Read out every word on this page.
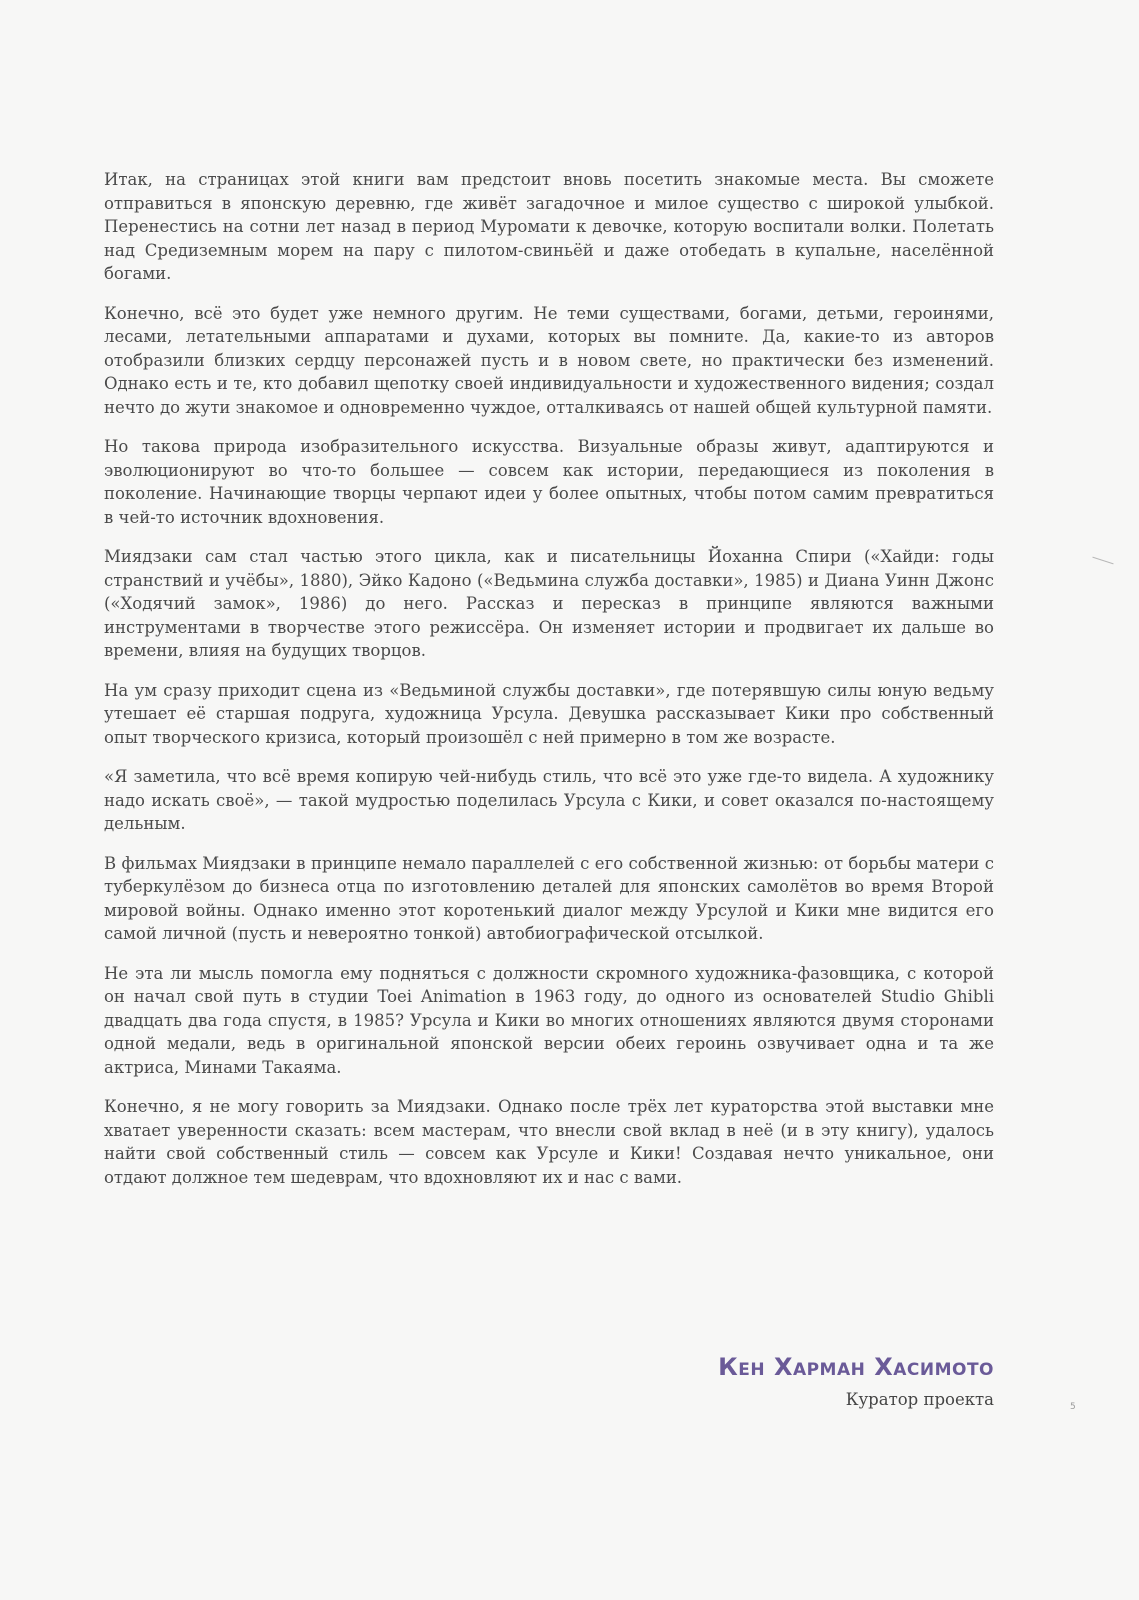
Итак, на страницах этой книги вам предстоит вновь посетить знакомые места. Вы сможете отправиться в японскую деревню, где живёт загадочное и милое существо с широкой улыбкой. Перенестись на сотни лет назад в период Муромати к девочке, которую воспитали волки. Полетать над Средиземным морем на пару с пилотом-свиньёй и даже отобедать в купальне, населённой богами.

Конечно, всё это будет уже немного другим. Не теми существами, богами, детьми, героинями, лесами, летательными аппаратами и духами, которых вы помните. Да, какие-то из авторов отобразили близких сердцу персонажей пусть и в новом свете, но практически без изменений. Однако есть и те, кто добавил щепотку своей индивидуальности и художественного видения; создал нечто до жути знакомое и одновременно чуждое, отталкиваясь от нашей общей культурной памяти.

Но такова природа изобразительного искусства. Визуальные образы живут, адаптируются и эволюционируют во что-то большее — совсем как истории, передающиеся из поколения в поколение. Начинающие творцы черпают идеи у более опытных, чтобы потом самим превратиться в чей-то источник вдохновения.

Миядзаки сам стал частью этого цикла, как и писательницы Йоханна Спири («Хайди: годы странствий и учёбы», 1880), Эйко Кадоно («Ведьмина служба доставки», 1985) и Диана Уинн Джонс («Ходячий замок», 1986) до него. Рассказ и пересказ в принципе являются важными инструментами в творчестве этого режиссёра. Он изменяет истории и продвигает их дальше во времени, влияя на будущих творцов.

На ум сразу приходит сцена из «Ведьминой службы доставки», где потерявшую силы юную ведьму утешает её старшая подруга, художница Урсула. Девушка рассказывает Кики про собственный опыт творческого кризиса, который произошёл с ней примерно в том же возрасте.

«Я заметила, что всё время копирую чей-нибудь стиль, что всё это уже где-то видела. А художнику надо искать своё», — такой мудростью поделилась Урсула с Кики, и совет оказался по-настоящему дельным.

В фильмах Миядзаки в принципе немало параллелей с его собственной жизнью: от борьбы матери с туберкулёзом до бизнеса отца по изготовлению деталей для японских самолётов во время Второй мировой войны. Однако именно этот коротенький диалог между Урсулой и Кики мне видится его самой личной (пусть и невероятно тонкой) автобиографической отсылкой.

Не эта ли мысль помогла ему подняться с должности скромного художника-фазовщика, с которой он начал свой путь в студии Toei Animation в 1963 году, до одного из основателей Studio Ghibli двадцать два года спустя, в 1985? Урсула и Кики во многих отношениях являются двумя сторонами одной медали, ведь в оригинальной японской версии обеих героинь озвучивает одна и та же актриса, Минами Такаяма.

Конечно, я не могу говорить за Миядзаки. Однако после трёх лет кураторства этой выставки мне хватает уверенности сказать: всем мастерам, что внесли свой вклад в неё (и в эту книгу), удалось найти свой собственный стиль — совсем как Урсуле и Кики! Создавая нечто уникальное, они отдают должное тем шедеврам, что вдохновляют их и нас с вами.

Кен Харман Хасимото
Куратор проекта	5
